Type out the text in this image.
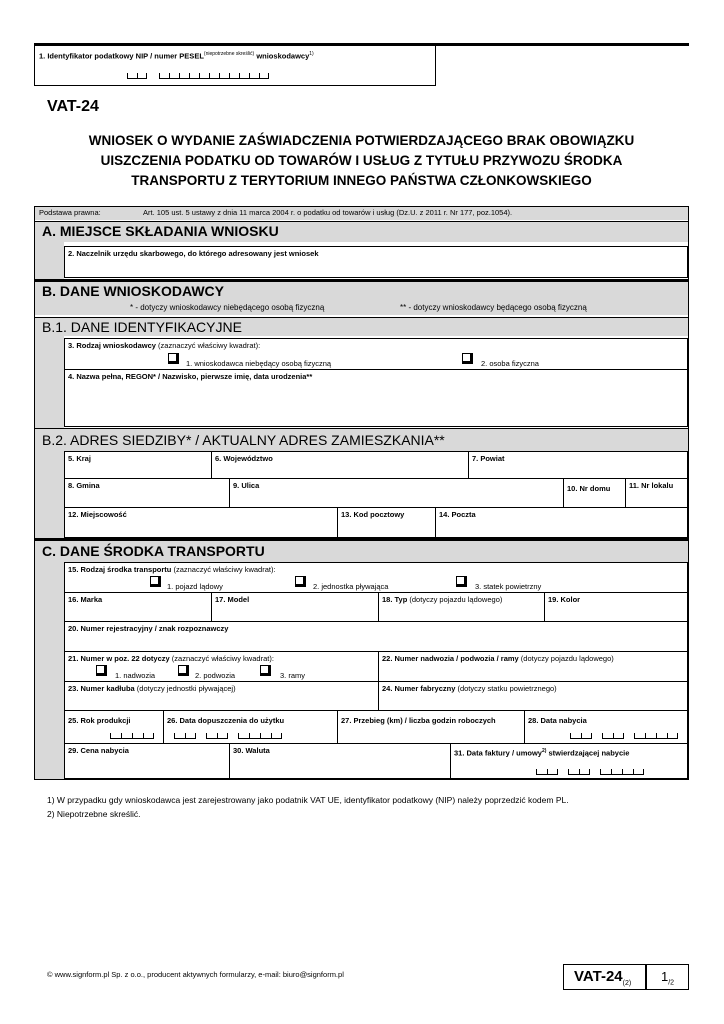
1. Identyfikator podatkowy NIP / numer $PESEL^{(niepotrzebne skreślić)}$ wnioskodawcy$^{1)}$
VAT-24
WNIOSEK O WYDANIE ZAŚWIADCZENIA POTWIERDZAJĄCEGO BRAK OBOWIĄZKU
UISZCZENIA PODATKU OD TOWARÓW I USŁUG Z TYTUŁU PRZYWOZU ŚRODKA
TRANSPORTU Z TERYTORIUM INNEGO PAŃSTWA CZŁONKOWSKIEGO
Podstawa prawna:	Art. 105 ust. 5 ustawy z dnia 11 marca 2004 r. o podatku od towarów i usług (Dz.U. z 2011 r. Nr 177, poz.1054).
A. MIEJSCE SKŁADANIA WNIOSKU
2. Naczelnik urzędu skarbowego, do którego adresowany jest wniosek
B. DANE WNIOSKODAWCY
* - dotyczy wnioskodawcy niebędącego osobą fizyczną	** - dotyczy wnioskodawcy będącego osobą fizyczną
B.1. DANE IDENTYFIKACYJNE
3. Rodzaj wnioskodawcy (zaznaczyć właściwy kwadrat):
1. wnioskodawca niebędący osobą fizyczną	2. osoba fizyczna
4. Nazwa pełna, REGON* / Nazwisko, pierwsze imię, data urodzenia**
B.2. ADRES SIEDZIBY* / AKTUALNY ADRES ZAMIESZKANIA**
5. Kraj	6. Województwo	7. Powiat
8. Gmina	9. Ulica	10. Nr domu 11. Nr lokalu
12. Miejscowość	13. Kod pocztowy	14. Poczta
C. DANE ŚRODKA TRANSPORTU
15. Rodzaj środka transportu (zaznaczyć właściwy kwadrat):
1. pojazd lądowy	2. jednostka pływająca	3. statek powietrzny
16. Marka	17. Model	18. Typ (dotyczy pojazdu lądowego)	19. Kolor
20. Numer rejestracyjny / znak rozpoznawczy
21. Numer w poz. 22 dotyczy (zaznaczyć właściwy kwadrat):
1. nadwozia	2. podwozia	3. ramy
22. Numer nadwozia / podwozia / ramy (dotyczy pojazdu lądowego)
23. Numer kadłuba (dotyczy jednostki pływającej)	24. Numer fabryczny (dotyczy statku powietrznego)
25. Rok produkcji	26. Data dopuszczenia do użytku	27. Przebieg (km) / liczba godzin roboczych	28. Data nabycia
29. Cena nabycia	30. Waluta	31. Data faktury / umowy$^{2)}$ stwierdzającej nabycie
1) W przypadku gdy wnioskodawca jest zarejestrowany jako podatnik VAT UE, identyfikator podatkowy (NIP) należy poprzedzić kodem PL.
2) Niepotrzebne skreślić.
© www.signform.pl Sp. z o.o., producent aktywnych formularzy, e-mail: biuro@signform.pl	VAT-$24_{(2)}$ $1_{/2}$
